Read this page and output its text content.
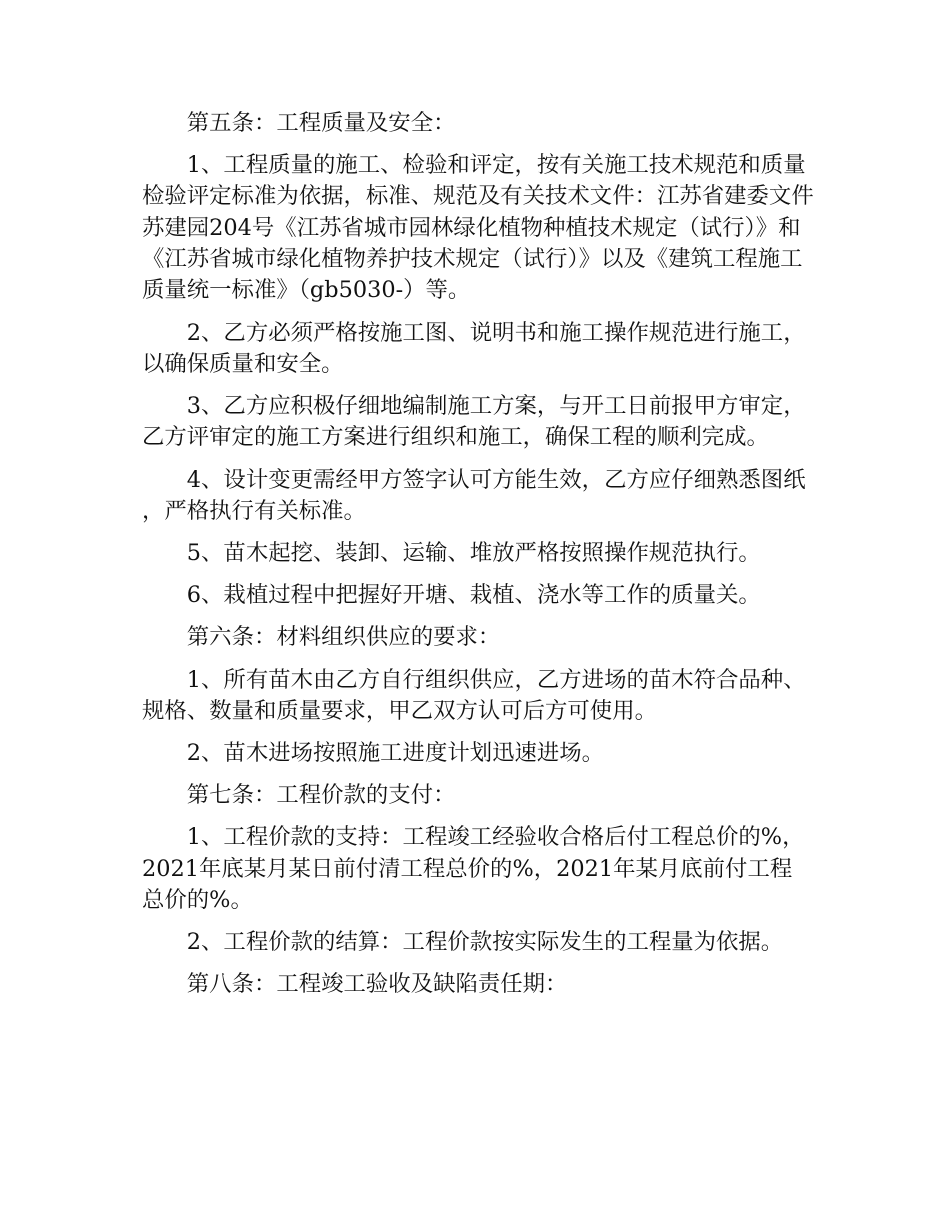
第五条：工程质量及安全：

1、工程质量的施工、检验和评定，按有关施工技术规范和质量检验评定标准为依据，标准、规范及有关技术文件：江苏省建委文件苏建园204号《江苏省城市园林绿化植物种植技术规定（试行）》和《江苏省城市绿化植物养护技术规定（试行）》以及《建筑工程施工质量统一标准》（gb5030-）等。

2、乙方必须严格按施工图、说明书和施工操作规范进行施工，以确保质量和安全。

3、乙方应积极仔细地编制施工方案，与开工日前报甲方审定，乙方评审定的施工方案进行组织和施工，确保工程的顺利完成。

4、设计变更需经甲方签字认可方能生效，乙方应仔细熟悉图纸，严格执行有关标准。

5、苗木起挖、装卸、运输、堆放严格按照操作规范执行。

6、栽植过程中把握好开塘、栽植、浇水等工作的质量关。

第六条：材料组织供应的要求：

1、所有苗木由乙方自行组织供应，乙方进场的苗木符合品种、规格、数量和质量要求，甲乙双方认可后方可使用。

2、苗木进场按照施工进度计划迅速进场。

第七条：工程价款的支付：

1、工程价款的支持：工程竣工经验收合格后付工程总价的%，2021年底某月某日前付清工程总价的%，2021年某月底前付工程总价的%。

2、工程价款的结算：工程价款按实际发生的工程量为依据。

第八条：工程竣工验收及缺陷责任期：
